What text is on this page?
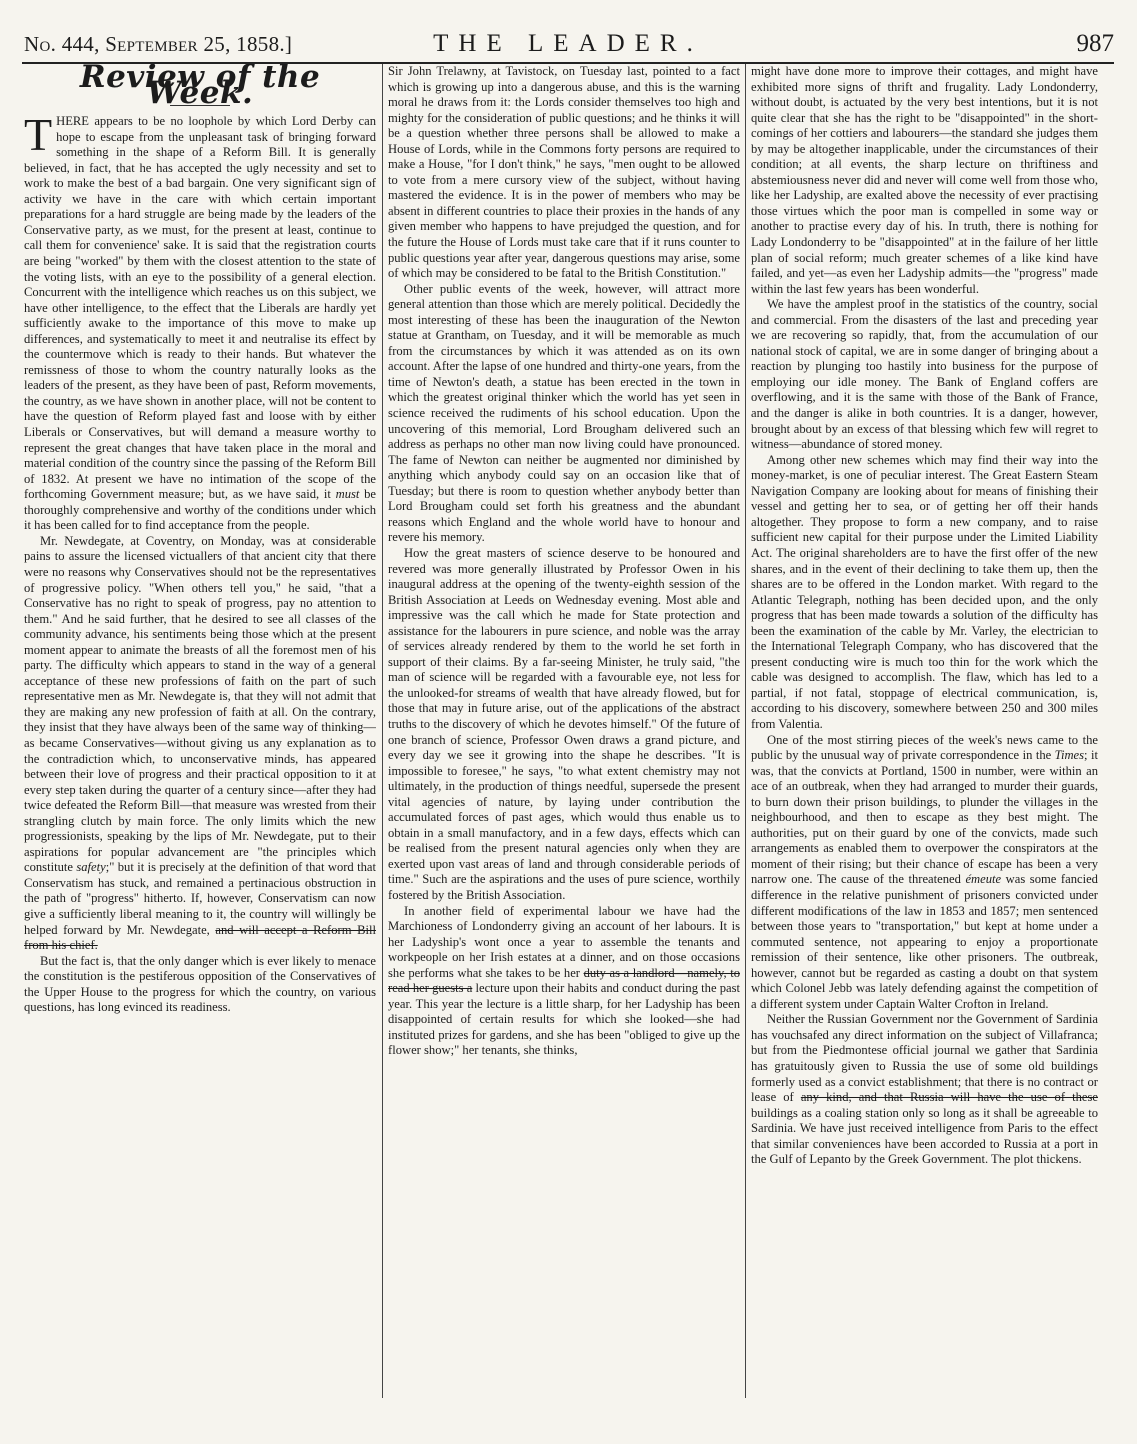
No. 444, September 25, 1858.]	THE LEADER.	987
Review of the Week.

THERE appears to be no loophole by which Lord Derby can hope to escape from the unpleasant task of bringing forward something in the shape of a Reform Bill. It is generally believed, in fact, that he has accepted the ugly necessity and set to work to make the best of a bad bargain. One very significant sign of activity we have in the care with which certain important preparations for a hard struggle are being made by the leaders of the Conservative party, as we must, for the present at least, continue to call them for convenience' sake. It is said that the registration courts are being "worked" by them with the closest attention to the state of the voting lists, with an eye to the possibility of a general election. Concurrent with the intelligence which reaches us on this subject, we have other intelligence, to the effect that the Liberals are hardly yet sufficiently awake to the importance of this move to make up differences, and systematically to meet it and neutralise its effect by the countermove which is ready to their hands. But whatever the remissness of those to whom the country naturally looks as the leaders of the present, as they have been of past, Reform movements, the country, as we have shown in another place, will not be content to have the question of Reform played fast and loose with by either Liberals or Conservatives, but will demand a measure worthy to represent the great changes that have taken place in the moral and material condition of the country since the passing of the Reform Bill of 1832. At present we have no intimation of the scope of the forthcoming Government measure; but, as we have said, it must be thoroughly comprehensive and worthy of the conditions under which it has been called for to find acceptance from the people.

Mr. Newdegate, at Coventry, on Monday, was at considerable pains to assure the licensed victuallers of that ancient city that there were no reasons why Conservatives should not be the representatives of progressive policy. "When others tell you," he said, "that a Conservative has no right to speak of progress, pay no attention to them." And he said further, that he desired to see all classes of the community advance, his sentiments being those which at the present moment appear to animate the breasts of all the foremost men of his party. The difficulty which appears to stand in the way of a general acceptance of these new professions of faith on the part of such representative men as Mr. Newdegate is, that they will not admit that they are making any new profession of faith at all. On the contrary, they insist that they have always been of the same way of thinking—as became Conservatives—without giving us any explanation as to the contradiction which, to unconservative minds, has appeared between their love of progress and their practical opposition to it at every step taken during the quarter of a century since—after they had twice defeated the Reform Bill—that measure was wrested from their strangling clutch by main force. The only limits which the new progressionists, speaking by the lips of Mr. Newdegate, put to their aspirations for popular advancement are "the principles which constitute safety;" but it is precisely at the definition of that word that Conservatism has stuck, and remained a pertinacious obstruction in the path of "progress" hitherto. If, however, Conservatism can now give a sufficiently liberal meaning to it, the country will willingly be helped forward by Mr. Newdegate, and will accept a Reform Bill from his chief.

But the fact is, that the only danger which is ever likely to menace the constitution is the pestiferous opposition of the Conservatives of the Upper House to the progress for which the country, on various questions, has long evinced its readiness.

Sir John Trelawny, at Tavistock, on Tuesday last, pointed to a fact which is growing up into a dangerous abuse, and this is the warning moral he draws from it: the Lords consider themselves too high and mighty for the consideration of public questions; and he thinks it will be a question whether three persons shall be allowed to make a House of Lords, while in the Commons forty persons are required to make a House, "for I don't think," he says, "men ought to be allowed to vote from a mere cursory view of the subject, without having mastered the evidence. It is in the power of members who may be absent in different countries to place their proxies in the hands of any given member who happens to have prejudged the question, and for the future the House of Lords must take care that if it runs counter to public questions year after year, dangerous questions may arise, some of which may be considered to be fatal to the British Constitution."

Other public events of the week, however, will attract more general attention than those which are merely political. Decidedly the most interesting of these has been the inauguration of the Newton statue at Grantham, on Tuesday, and it will be memorable as much from the circumstances by which it was attended as on its own account. After the lapse of one hundred and thirty-one years, from the time of Newton's death, a statue has been erected in the town in which the greatest original thinker which the world has yet seen in science received the rudiments of his school education. Upon the uncovering of this memorial, Lord Brougham delivered such an address as perhaps no other man now living could have pronounced. The fame of Newton can neither be augmented nor diminished by anything which anybody could say on an occasion like that of Tuesday; but there is room to question whether anybody better than Lord Brougham could set forth his greatness and the abundant reasons which England and the whole world have to honour and revere his memory.

How the great masters of science deserve to be honoured and revered was more generally illustrated by Professor Owen in his inaugural address at the opening of the twenty-eighth session of the British Association at Leeds on Wednesday evening. Most able and impressive was the call which he made for State protection and assistance for the labourers in pure science, and noble was the array of services already rendered by them to the world he set forth in support of their claims. By a far-seeing Minister, he truly said, "the man of science will be regarded with a favourable eye, not less for the unlooked-for streams of wealth that have already flowed, but for those that may in future arise, out of the applications of the abstract truths to the discovery of which he devotes himself." Of the future of one branch of science, Professor Owen draws a grand picture, and every day we see it growing into the shape he describes. "It is impossible to foresee," he says, "to what extent chemistry may not ultimately, in the production of things needful, supersede the present vital agencies of nature, by laying under contribution the accumulated forces of past ages, which would thus enable us to obtain in a small manufactory, and in a few days, effects which can be realised from the present natural agencies only when they are exerted upon vast areas of land and through considerable periods of time." Such are the aspirations and the uses of pure science, worthily fostered by the British Association.

In another field of experimental labour we have had the Marchioness of Londonderry giving an account of her labours. It is her Ladyship's wont once a year to assemble the tenants and workpeople on her Irish estates at a dinner, and on those occasions she performs what she takes to be her duty as a landlord—namely, to read her guests a lecture upon their habits and conduct during the past year. This year the lecture is a little sharp, for her Ladyship has been disappointed of certain results for which she looked—she had instituted prizes for gardens, and she has been "obliged to give up the flower show;" her tenants, she thinks,

might have done more to improve their cottages, and might have exhibited more signs of thrift and frugality. Lady Londonderry, without doubt, is actuated by the very best intentions, but it is not quite clear that she has the right to be "disappointed" in the short-comings of her cottiers and labourers—the standard she judges them by may be altogether inapplicable, under the circumstances of their condition; at all events, the sharp lecture on thriftiness and abstemiousness never did and never will come well from those who, like her Ladyship, are exalted above the necessity of ever practising those virtues which the poor man is compelled in some way or another to practise every day of his. In truth, there is nothing for Lady Londonderry to be "disappointed" at in the failure of her little plan of social reform; much greater schemes of a like kind have failed, and yet—as even her Ladyship admits—the "progress" made within the last few years has been wonderful.

We have the amplest proof in the statistics of the country, social and commercial. From the disasters of the last and preceding year we are recovering so rapidly, that, from the accumulation of our national stock of capital, we are in some danger of bringing about a reaction by plunging too hastily into business for the purpose of employing our idle money. The Bank of England coffers are overflowing, and it is the same with those of the Bank of France, and the danger is alike in both countries. It is a danger, however, brought about by an excess of that blessing which few will regret to witness—abundance of stored money.

Among other new schemes which may find their way into the money-market, is one of peculiar interest. The Great Eastern Steam Navigation Company are looking about for means of finishing their vessel and getting her to sea, or of getting her off their hands altogether. They propose to form a new company, and to raise sufficient new capital for their purpose under the Limited Liability Act. The original shareholders are to have the first offer of the new shares, and in the event of their declining to take them up, then the shares are to be offered in the London market. With regard to the Atlantic Telegraph, nothing has been decided upon, and the only progress that has been made towards a solution of the difficulty has been the examination of the cable by Mr. Varley, the electrician to the International Telegraph Company, who has discovered that the present conducting wire is much too thin for the work which the cable was designed to accomplish. The flaw, which has led to a partial, if not fatal, stoppage of electrical communication, is, according to his discovery, somewhere between 250 and 300 miles from Valentia.

One of the most stirring pieces of the week's news came to the public by the unusual way of private correspondence in the Times; it was, that the convicts at Portland, 1500 in number, were within an ace of an outbreak, when they had arranged to murder their guards, to burn down their prison buildings, to plunder the villages in the neighbourhood, and then to escape as they best might. The authorities, put on their guard by one of the convicts, made such arrangements as enabled them to overpower the conspirators at the moment of their rising; but their chance of escape has been a very narrow one. The cause of the threatened émeute was some fancied difference in the relative punishment of prisoners convicted under different modifications of the law in 1853 and 1857; men sentenced between those years to "transportation," but kept at home under a commuted sentence, not appearing to enjoy a proportionate remission of their sentence, like other prisoners. The outbreak, however, cannot but be regarded as casting a doubt on that system which Colonel Jebb was lately defending against the competition of a different system under Captain Walter Crofton in Ireland.

Neither the Russian Government nor the Government of Sardinia has vouchsafed any direct information on the subject of Villafranca; but from the Piedmontese official journal we gather that Sardinia has gratuitously given to Russia the use of some old buildings formerly used as a convict establishment; that there is no contract or lease of any kind, and that Russia will have the use of these buildings as a coaling station only so long as it shall be agreeable to Sardinia. We have just received intelligence from Paris to the effect that similar conveniences have been accorded to Russia at a port in the Gulf of Lepanto by the Greek Government. The plot thickens.
